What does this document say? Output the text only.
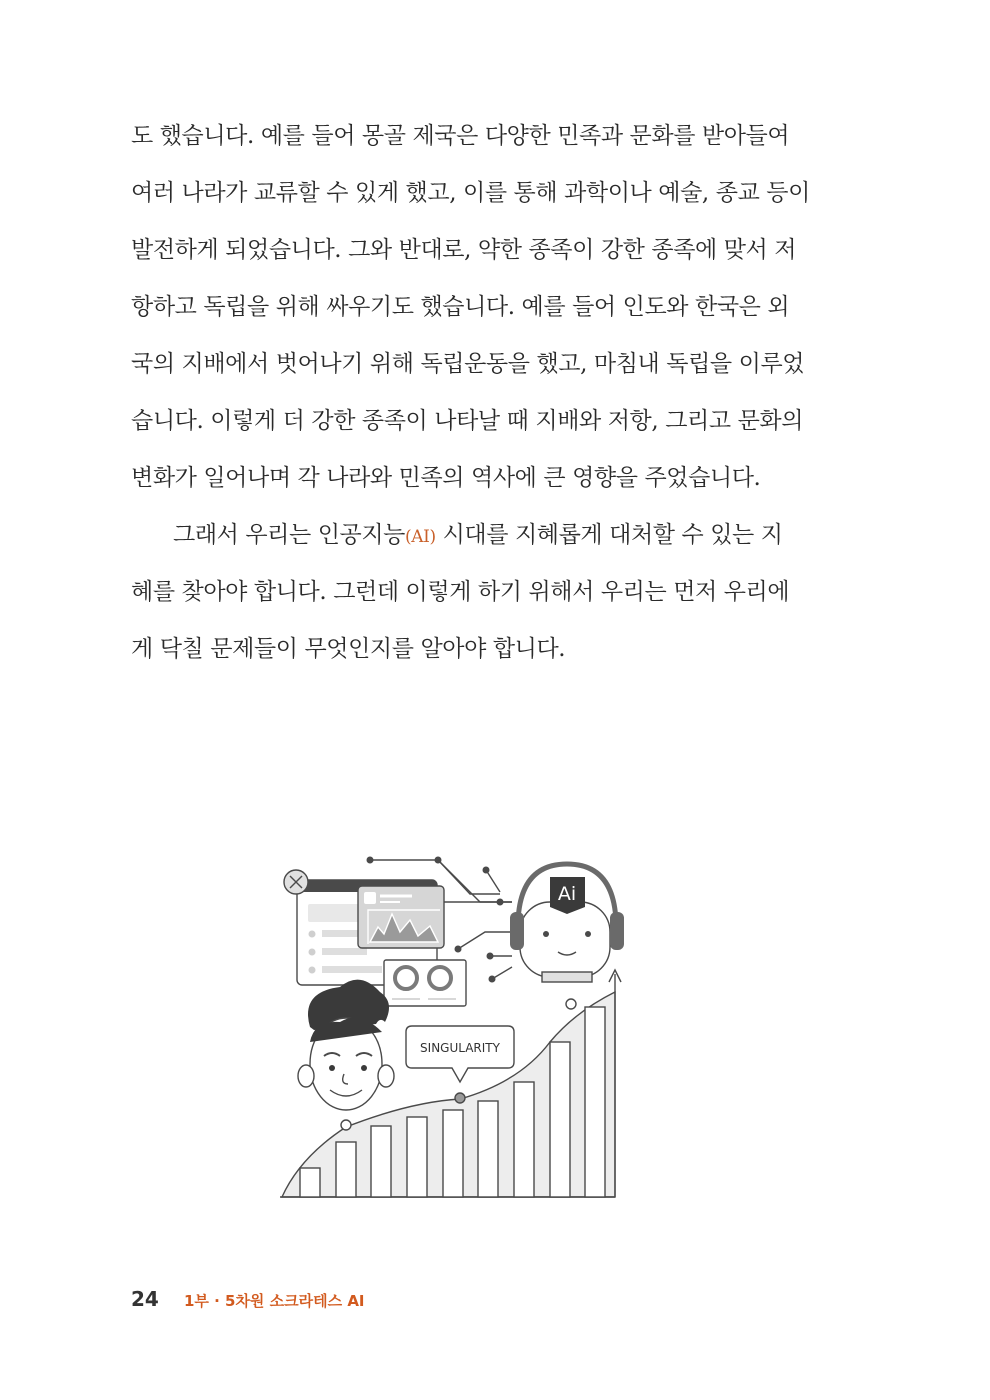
도 했습니다. 예를 들어 몽골 제국은 다양한 민족과 문화를 받아들여
여러 나라가 교류할 수 있게 했고, 이를 통해 과학이나 예술, 종교 등이
발전하게 되었습니다. 그와 반대로, 약한 종족이 강한 종족에 맞서 저
항하고 독립을 위해 싸우기도 했습니다. 예를 들어 인도와 한국은 외
국의 지배에서 벗어나기 위해 독립운동을 했고, 마침내 독립을 이루었
습니다. 이렇게 더 강한 종족이 나타날 때 지배와 저항, 그리고 문화의
변화가 일어나며 각 나라와 민족의 역사에 큰 영향을 주었습니다.
그래서 우리는 인공지능(AI) 시대를 지혜롭게 대처할 수 있는 지
혜를 찾아야 합니다. 그런데 이렇게 하기 위해서 우리는 먼저 우리에
게 닥칠 문제들이 무엇인지를 알아야 합니다.
Ai
SINGULARITY
24 1부 · 5차원 소크라테스 AI
